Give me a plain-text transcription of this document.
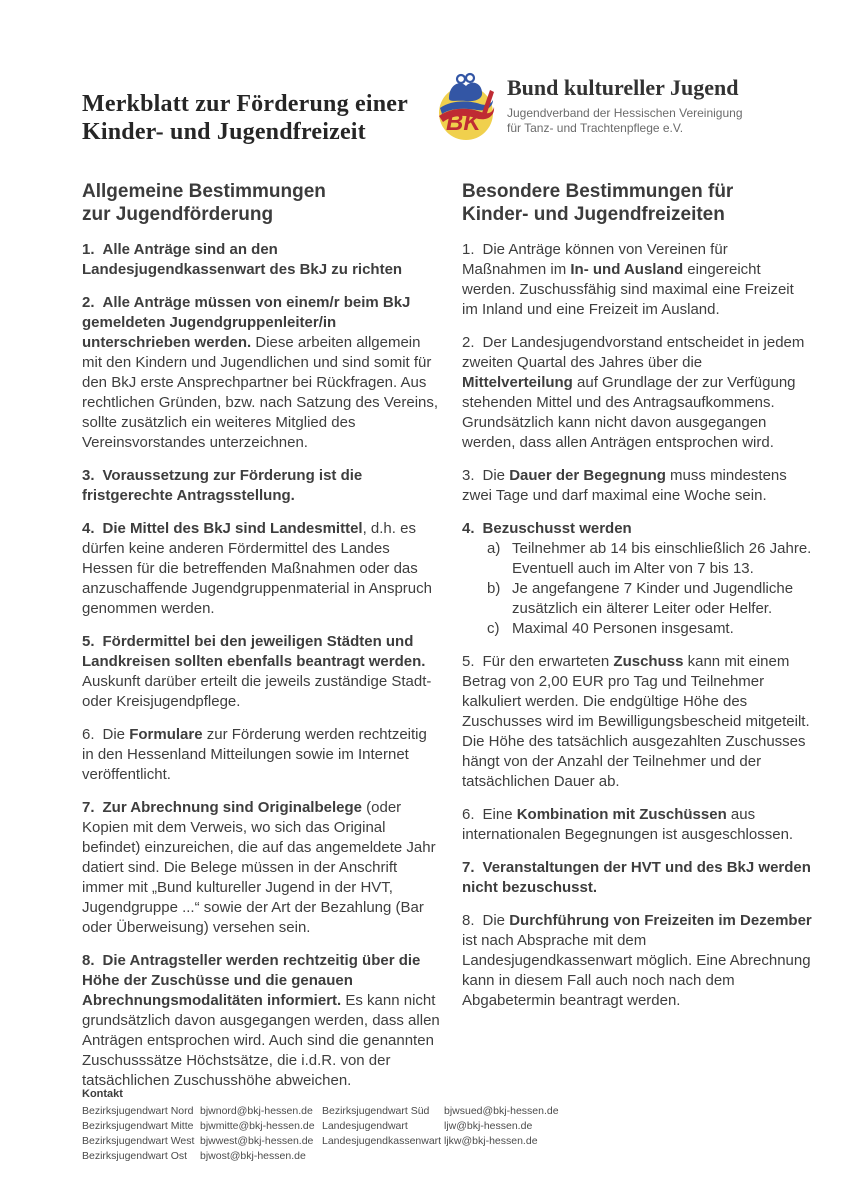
Merkblatt zur Förderung einer
Kinder- und Jugendfreizeit	BK
Bund kultureller Jugend
Jugendverband der Hessischen Vereinigung
für Tanz- und Trachtenpflege e.V.
Allgemeine Bestimmungen
zur Jugendförderung
1. Alle Anträge sind an den Landesjugendkassenwart des BkJ zu richten
2. Alle Anträge müssen von einem/r beim BkJ gemeldeten Jugendgruppenleiter/in unterschrieben werden. Diese arbeiten allgemein mit den Kindern und Jugendlichen und sind somit für den BkJ erste Ansprechpartner bei Rückfragen. Aus rechtlichen Gründen, bzw. nach Satzung des Vereins, sollte zusätzlich ein weiteres Mitglied des Vereinsvorstandes unterzeichnen.
3. Voraussetzung zur Förderung ist die fristgerechte Antragsstellung.
4. Die Mittel des BkJ sind Landesmittel, d.h. es dürfen keine anderen Fördermittel des Landes Hessen für die betreffenden Maßnahmen oder das anzuschaffende Jugendgruppenmaterial in Anspruch genommen werden.
5. Fördermittel bei den jeweiligen Städten und Landkreisen sollten ebenfalls beantragt werden. Auskunft darüber erteilt die jeweils zuständige Stadt- oder Kreisjugendpflege.
6. Die Formulare zur Förderung werden rechtzeitig in den Hessenland Mitteilungen sowie im Internet veröffentlicht.
7. Zur Abrechnung sind Originalbelege (oder Kopien mit dem Verweis, wo sich das Original befindet) einzureichen, die auf das angemeldete Jahr datiert sind. Die Belege müssen in der Anschrift immer mit „Bund kultureller Jugend in der HVT, Jugendgruppe ...“ sowie der Art der Bezahlung (Bar oder Überweisung) versehen sein.
8. Die Antragsteller werden rechtzeitig über die Höhe der Zuschüsse und die genauen Abrechnungsmodalitäten informiert. Es kann nicht grundsätzlich davon ausgegangen werden, dass allen Anträgen entsprochen wird. Auch sind die genannten Zuschusssätze Höchstsätze, die i.d.R. von der tatsächlichen Zuschusshöhe abweichen.
Besondere Bestimmungen für
Kinder- und Jugendfreizeiten
1. Die Anträge können von Vereinen für Maßnahmen im In- und Ausland eingereicht werden. Zuschussfähig sind maximal eine Freizeit im Inland und eine Freizeit im Ausland.
2. Der Landesjugendvorstand entscheidet in jedem zweiten Quartal des Jahres über die Mittelverteilung auf Grundlage der zur Verfügung stehenden Mittel und des Antragsaufkommens. Grundsätzlich kann nicht davon ausgegangen werden, dass allen Anträgen entsprochen wird.
3. Die Dauer der Begegnung muss mindestens zwei Tage und darf maximal eine Woche sein.
4. Bezuschusst werden
a) Teilnehmer ab 14 bis einschließlich 26 Jahre. Eventuell auch im Alter von 7 bis 13.
b) Je angefangene 7 Kinder und Jugendliche zusätzlich ein älterer Leiter oder Helfer.
c) Maximal 40 Personen insgesamt.
5. Für den erwarteten Zuschuss kann mit einem Betrag von 2,00 EUR pro Tag und Teilnehmer kalkuliert werden. Die endgültige Höhe des Zuschusses wird im Bewilligungsbescheid mitgeteilt. Die Höhe des tatsächlich ausgezahlten Zuschusses hängt von der Anzahl der Teilnehmer und der tatsächlichen Dauer ab.
6. Eine Kombination mit Zuschüssen aus internationalen Begegnungen ist ausgeschlossen.
7. Veranstaltungen der HVT und des BkJ werden nicht bezuschusst.
8. Die Durchführung von Freizeiten im Dezember ist nach Absprache mit dem Landesjugendkassenwart möglich. Eine Abrechnung kann in diesem Fall auch noch nach dem Abgabetermin beantragt werden.
Kontakt
Bezirksjugendwart Nord bjwnord@bkj-hessen.de Bezirksjugendwart Süd	bjwsued@bkj-hessen.de
Bezirksjugendwart Mitte bjwmitte@bkj-hessen.de Landesjugendwart	ljw@bkj-hessen.de
Bezirksjugendwart West bjwwest@bkj-hessen.de Landesjugendkassenwart ljkw@bkj-hessen.de
Bezirksjugendwart Ost	bjwost@bkj-hessen.de
